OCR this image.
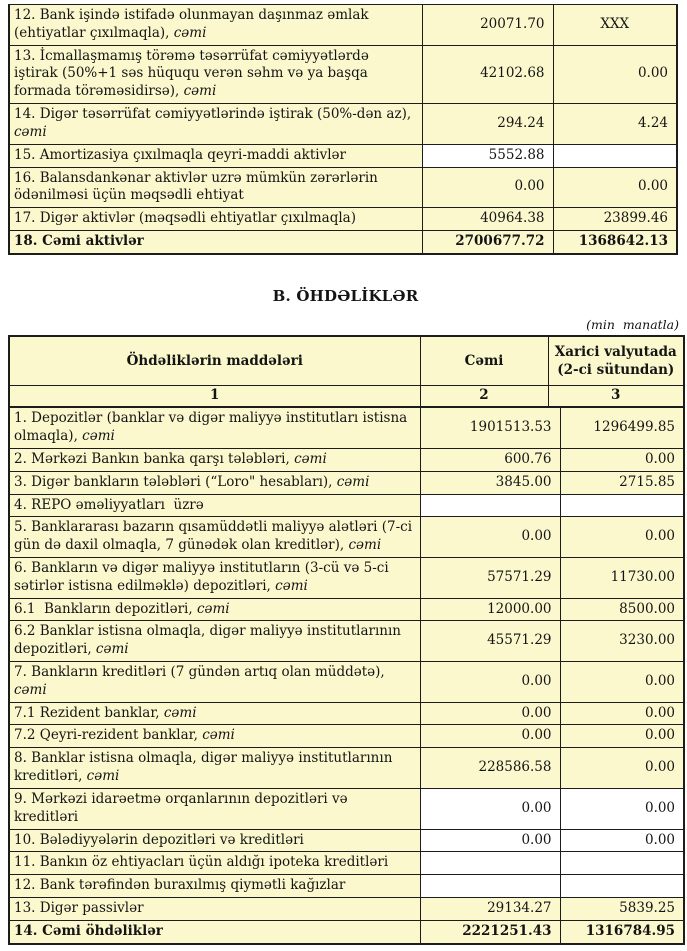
12. Bank işində istifadə olunmayan daşınmaz əmlak (ehtiyatlar çıxılmaqla), cəmi	20071.70	XXX
13. İcmallaşmamış törəmə təsərrüfat cəmiyyətlərdə iştirak (50%+1 səs hüququ verən səhm və ya başqa formada törəməsidirsə), cəmi	42102.68	0.00
14. Digər təsərrüfat cəmiyyətlərində iştirak (50%-dən az), cəmi	294.24	4.24
15. Amortizasiya çıxılmaqla qeyri-maddi aktivlər	5552.88	
16. Balansdankənar aktivlər uzrə mümkün zərərlərin ödənilməsi üçün məqsədli ehtiyat	0.00	0.00
17. Digər aktivlər (məqsədli ehtiyatlar çıxılmaqla)	40964.38	23899.46
18. Cəmi aktivlər	2700677.72	1368642.13
B. ÖHDƏLİKLƏR
(min  manatla)
Öhdəliklərin maddələri	Cəmi	Xarici valyutada (2-ci sütundan)	
1	2	3	
1. Depozitlər (banklar və digər maliyyə institutları istisna olmaqla), cəmi	1901513.53		1296499.85
2. Mərkəzi Bankın banka qarşı tələbləri, cəmi	600.76		0.00
3. Digər bankların tələbləri (“Loro" hesabları), cəmi	3845.00		2715.85
4. REPO əməliyyatları  üzrə			
5. Banklararası bazarın qısamüddətli maliyyə alətləri (7-ci gün də daxil olmaqla, 7 günədək olan kreditlər), cəmi	0.00		0.00
6. Bankların və digər maliyyə institutların (3-cü və 5-ci sətirlər istisna edilməklə) depozitləri, cəmi	57571.29		11730.00
6.1  Bankların depozitləri, cəmi	12000.00		8500.00
6.2 Banklar istisna olmaqla, digər maliyyə institutlarının depozitləri, cəmi	45571.29		3230.00
7. Bankların kreditləri (7 gündən artıq olan müddətə), cəmi	0.00		0.00
7.1 Rezident banklar, cəmi	0.00		0.00
7.2 Qeyri-rezident banklar, cəmi	0.00		0.00
8. Banklar istisna olmaqla, digər maliyyə institutlarının kreditləri, cəmi	228586.58		0.00
9. Mərkəzi idarəetmə orqanlarının depozitləri və kreditləri	0.00		0.00
10. Bələdiyyələrin depozitləri və kreditləri	0.00		0.00
11. Bankın öz ehtiyacları üçün aldığı ipoteka kreditləri			
12. Bank tərəfindən buraxılmış qiymətli kağızlar			
13. Digər passivlər	29134.27		5839.25
14. Cəmi öhdəliklər	2221251.43		1316784.95
